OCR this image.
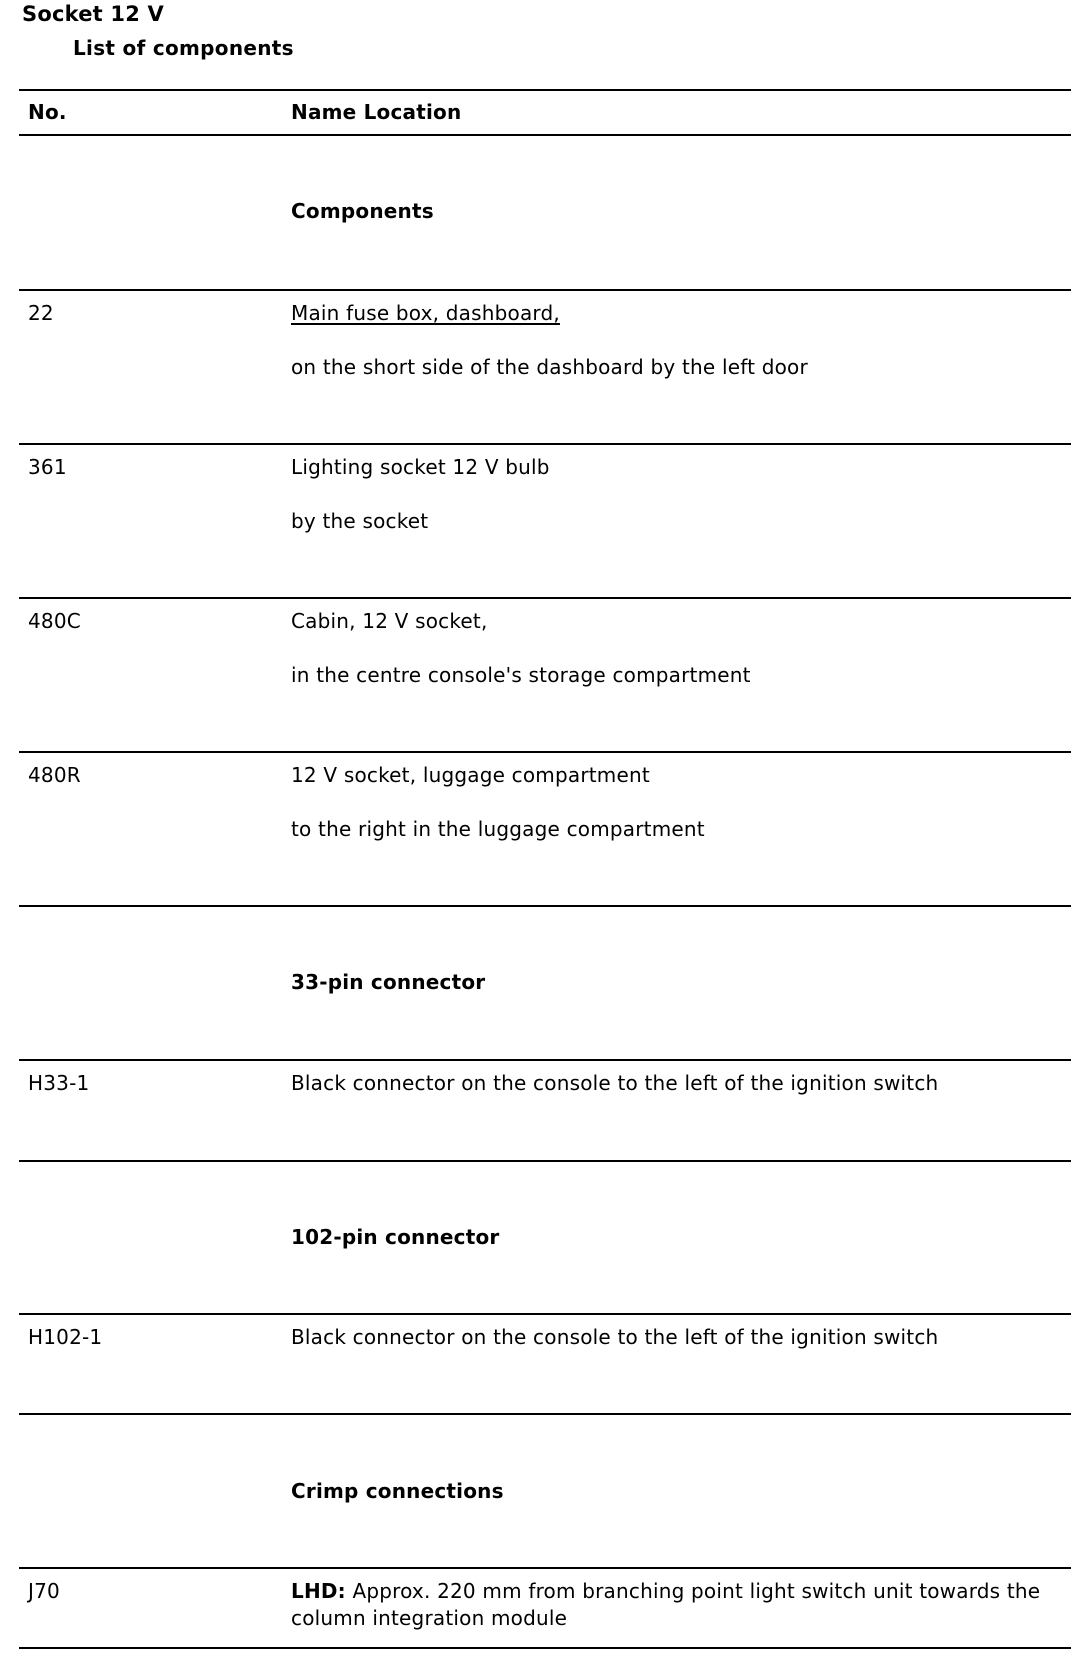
Socket 12 V
List of components
No.	Name Location
Components
22	Main fuse box, dashboard,
on the short side of the dashboard by the left door
361	Lighting socket 12 V bulb
by the socket
480C	Cabin, 12 V socket,
in the centre console's storage compartment
480R	12 V socket, luggage compartment
to the right in the luggage compartment
33-pin connector
H33-1	Black connector on the console to the left of the ignition switch
102-pin connector
H102-1	Black connector on the console to the left of the ignition switch
Crimp connections
J70	LHD: Approx. 220 mm from branching point light switch unit towards the column integration module
